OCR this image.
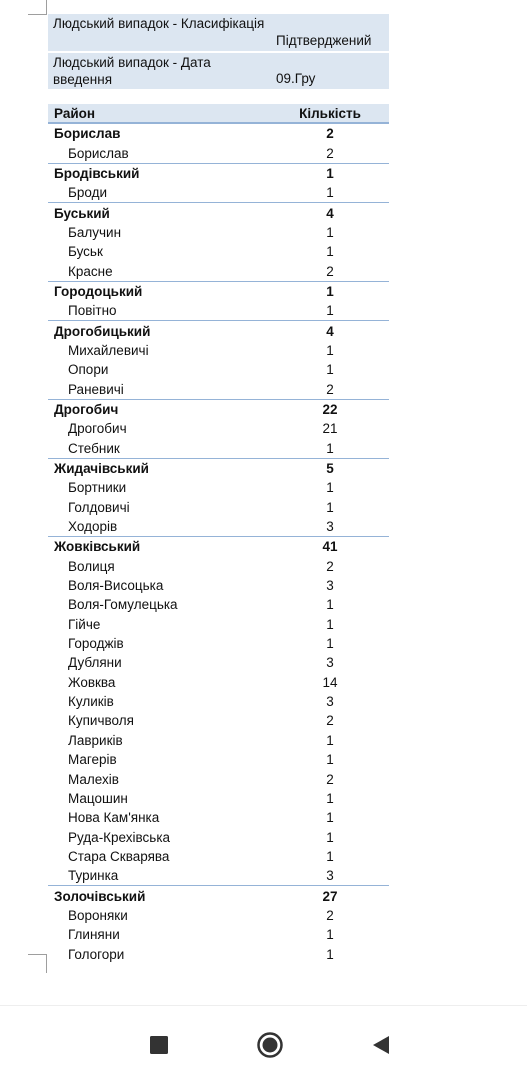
Людський випадок - Класифікація	Підтверджений
Людський випадок - Дата введення	09.Гру
Район	Кількість
Борислав	2
Борислав	2
Бродівський	1
Броди	1
Буський	4
Балучин	1
Буськ	1
Красне	2
Городоцький	1
Повітно	1
Дрогобицький	4
Михайлевичі	1
Опори	1
Раневичі	2
Дрогобич	22
Дрогобич	21
Стебник	1
Жидачівський	5
Бортники	1
Голдовичі	1
Ходорів	3
Жовківський	41
Волиця	2
Воля-Висоцька	3
Воля-Гомулецька	1
Гійче	1
Городжів	1
Дубляни	3
Жовква	14
Куликів	3
Купичволя	2
Лавриків	1
Магерів	1
Малехів	2
Мацошин	1
Нова Кам'янка	1
Руда-Крехівська	1
Стара Скварява	1
Туринка	3
Золочівський	27
Вороняки	2
Глиняни	1
Гологори	1
